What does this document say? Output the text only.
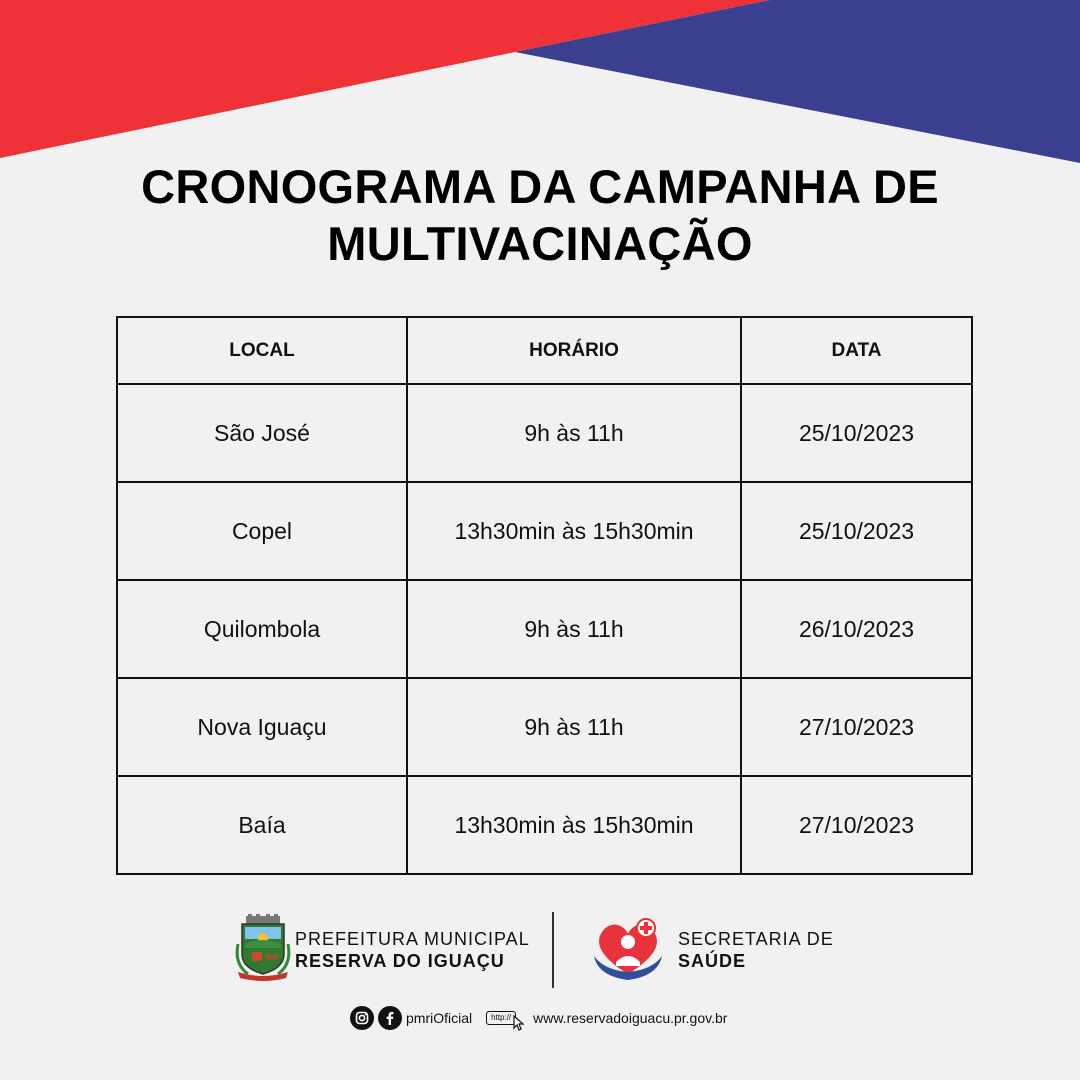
CRONOGRAMA DA CAMPANHA DE
MULTIVACINAÇÃO
LOCAL	HORÁRIO	DATA
São José	9h às 11h	25/10/2023
Copel	13h30min às 15h30min	25/10/2023
Quilombola	9h às 11h	26/10/2023
Nova Iguaçu	9h às 11h	27/10/2023
Baía	13h30min às 15h30min	27/10/2023
PREFEITURA MUNICIPAL
RESERVA DO IGUAÇU
SECRETARIA DE
SAÚDE
pmriOficial	http://	www.reservadoiguacu.pr.gov.br
